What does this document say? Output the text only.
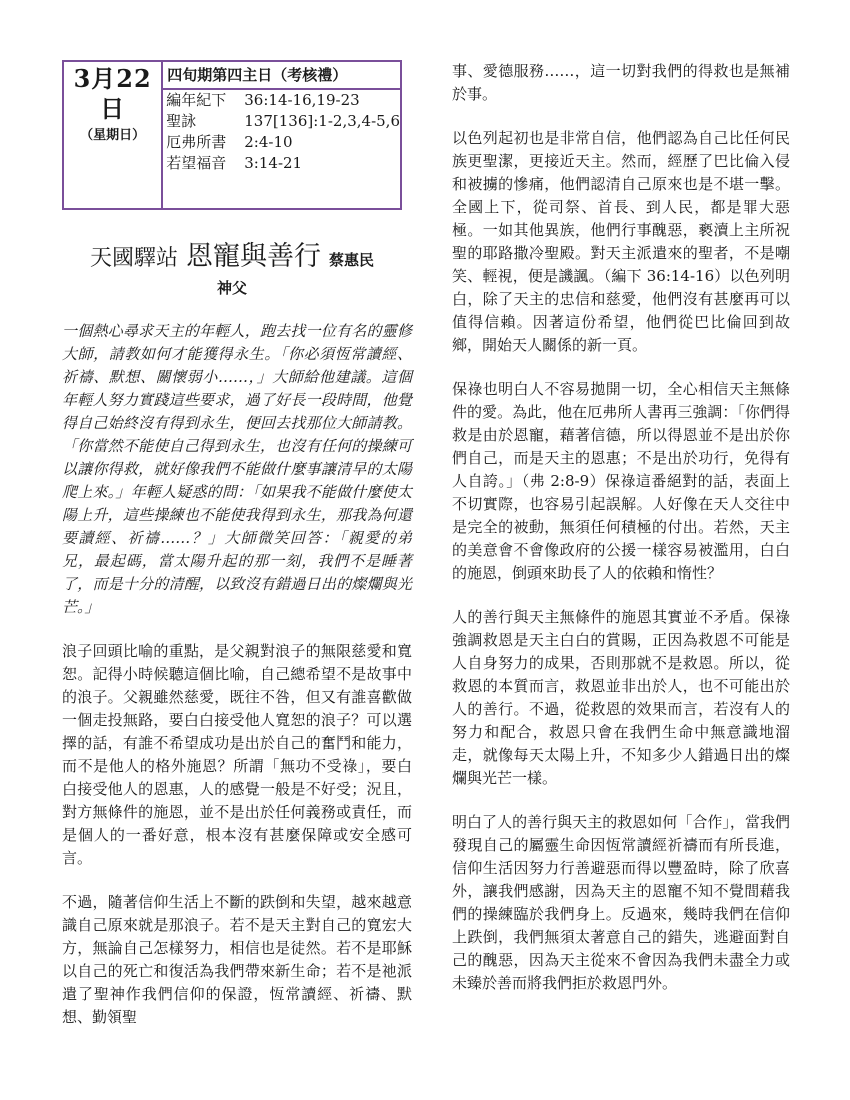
3月22日
（星期日）
四旬期第四主日（考核禮）
編年紀下 36:14-16,19-23
聖詠	137[136]:1-2,3,4-5,6
厄弗所書 2:4-10
若望福音 3:14-21
天國驛站 恩寵與善行 蔡惠民
神父

一個熱心尋求天主的年輕人，跑去找一位有名的靈修大師，請教如何才能獲得永生。「你必須恆常讀經、祈禱、默想、關懷弱小……，」大師給他建議。這個年輕人努力實踐這些要求，過了好長一段時間，他覺得自己始終沒有得到永生，便回去找那位大師請教。「你當然不能使自己得到永生，也沒有任何的操練可以讓你得救，就好像我們不能做什麼事讓清早的太陽爬上來。」年輕人疑惑的問：「如果我不能做什麼使太陽上升，這些操練也不能使我得到永生，那我為何還要讀經、祈禱……？」大師微笑回答：「親愛的弟兄，最起碼，當太陽升起的那一刻，我們不是睡著了，而是十分的清醒，以致沒有錯過日出的燦爛與光芒。」

浪子回頭比喻的重點，是父親對浪子的無限慈愛和寬恕。記得小時候聽這個比喻，自己總希望不是故事中的浪子。父親雖然慈愛，既往不咎，但又有誰喜歡做一個走投無路，要白白接受他人寬恕的浪子？可以選擇的話，有誰不希望成功是出於自己的奮鬥和能力，而不是他人的格外施恩？所謂「無功不受祿」，要白白接受他人的恩惠，人的感覺一般是不好受；況且，對方無條件的施恩，並不是出於任何義務或責任，而是個人的一番好意，根本沒有甚麼保障或安全感可言。

不過，隨著信仰生活上不斷的跌倒和失望，越來越意識自己原來就是那浪子。若不是天主對自己的寬宏大方，無論自己怎樣努力，相信也是徒然。若不是耶穌以自己的死亡和復活為我們帶來新生命；若不是祂派遣了聖神作我們信仰的保證，恆常讀經、祈禱、默想、勤領聖

事、愛德服務……，這一切對我們的得救也是無補於事。

以色列起初也是非常自信，他們認為自己比任何民族更聖潔，更接近天主。然而，經歷了巴比倫入侵和被擄的慘痛，他們認清自己原來也是不堪一擊。全國上下，從司祭、首長、到人民，都是罪大惡極。一如其他異族，他們行事醜惡，褻瀆上主所祝聖的耶路撒冷聖殿。對天主派遣來的聖者，不是嘲笑、輕視，便是譏諷。（編下 36:14-16）以色列明白，除了天主的忠信和慈愛，他們沒有甚麼再可以值得信賴。因著這份希望，他們從巴比倫回到故鄉，開始天人關係的新一頁。

保祿也明白人不容易拋開一切，全心相信天主無條件的愛。為此，他在厄弗所人書再三強調：「你們得救是由於恩寵，藉著信德，所以得恩並不是出於你們自己，而是天主的恩惠；不是出於功行，免得有人自誇。」（弗 2:8-9）保祿這番絕對的話，表面上不切實際，也容易引起誤解。人好像在天人交往中是完全的被動，無須任何積極的付出。若然，天主的美意會不會像政府的公援一樣容易被濫用，白白的施恩，倒頭來助長了人的依賴和惰性？

人的善行與天主無條件的施恩其實並不矛盾。保祿強調救恩是天主白白的賞賜，正因為救恩不可能是人自身努力的成果，否則那就不是救恩。所以，從救恩的本質而言，救恩並非出於人，也不可能出於人的善行。不過，從救恩的效果而言，若沒有人的努力和配合，救恩只會在我們生命中無意識地溜走，就像每天太陽上升，不知多少人錯過日出的燦爛與光芒一樣。

明白了人的善行與天主的救恩如何「合作」，當我們發現自己的屬靈生命因恆常讀經祈禱而有所長進，信仰生活因努力行善避惡而得以豐盈時，除了欣喜外，讓我們感謝，因為天主的恩寵不知不覺間藉我們的操練臨於我們身上。反過來，幾時我們在信仰上跌倒，我們無須太著意自己的錯失，逃避面對自己的醜惡，因為天主從來不會因為我們未盡全力或未臻於善而將我們拒於救恩門外。
